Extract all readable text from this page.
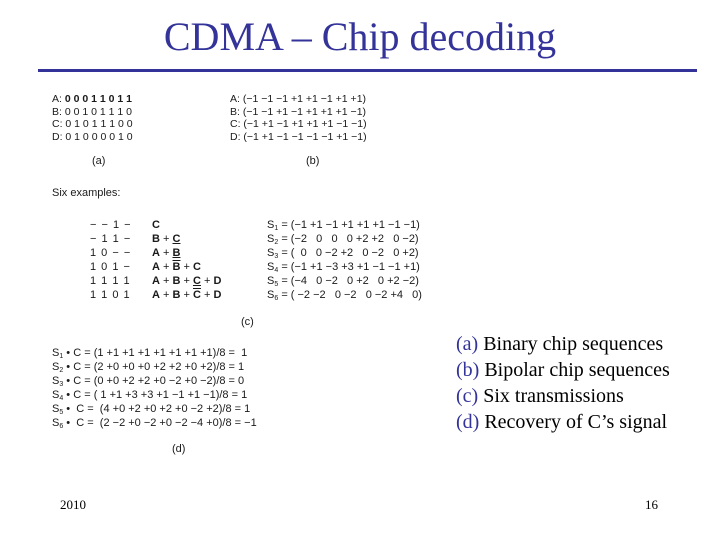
CDMA – Chip decoding
A: 0 0 0 1 1 0 1 1
B: 0 0 1 0 1 1 1 0
C: 0 1 0 1 1 1 0 0
D: 0 1 0 0 0 0 1 0
(a)
A: (−1 −1 −1 +1 +1 −1 +1 +1)
B: (−1 −1 +1 −1 +1 +1 +1 −1)
C: (−1 +1 −1 +1 +1 +1 −1 −1)
D: (−1 +1 −1 −1 −1 −1 +1 −1)
(b)
Six examples:
− − 1 − C
− 1 1 − B + C
1 0 − − A + B
1 0 $1 - A + \overline{B} + C$
1 1 1 1 A + B + C + D
1 1 0 1 $A + B + \overline{C} + D$
$S_1 = (-1 +1 -1 +1 +1 +1 -1 -1)$
$S_2 = (-2$   0   0   0 +2 +2   0 −2)
$S_3$ = (  0   0 −2 +2   0 −2   0 +2)
$S_4 = (-1 +1 -3 +3 +1 -1 -1 +1)$
$S_5 = (-4$   0 −2   0 +2   0 +2 −2)
$S_6$ = ( −2 −2   0 −2   0 −2 +4   0)
(c)
$S_1$ • C = (1 +1 +1 +1 +1 +1 +1 +1)/8 =  1
$S_2$ • C = (2 +0 +0 +0 +2 +2 +0 +2)/8 = 1
$S_3$ • C = (0 +0 +2 +2 +0 −2 +0 −2)/8 = 0
$S_4$ • C = ( 1 +1 +3 +3 +1 −1 +1 −1)/8 = 1
$S_5$ •  C =  (4 +0 +2 +0 +2 +0 −2 +2)/8 = 1
$S_6$ •  C =  (2 −2 +0 −2 +0 −2 −4 +0)/8 = −1
(d)
(a) Binary chip sequences
(b) Bipolar chip sequences
(c) Six transmissions
(d) Recovery of C’s signal
2010	16
